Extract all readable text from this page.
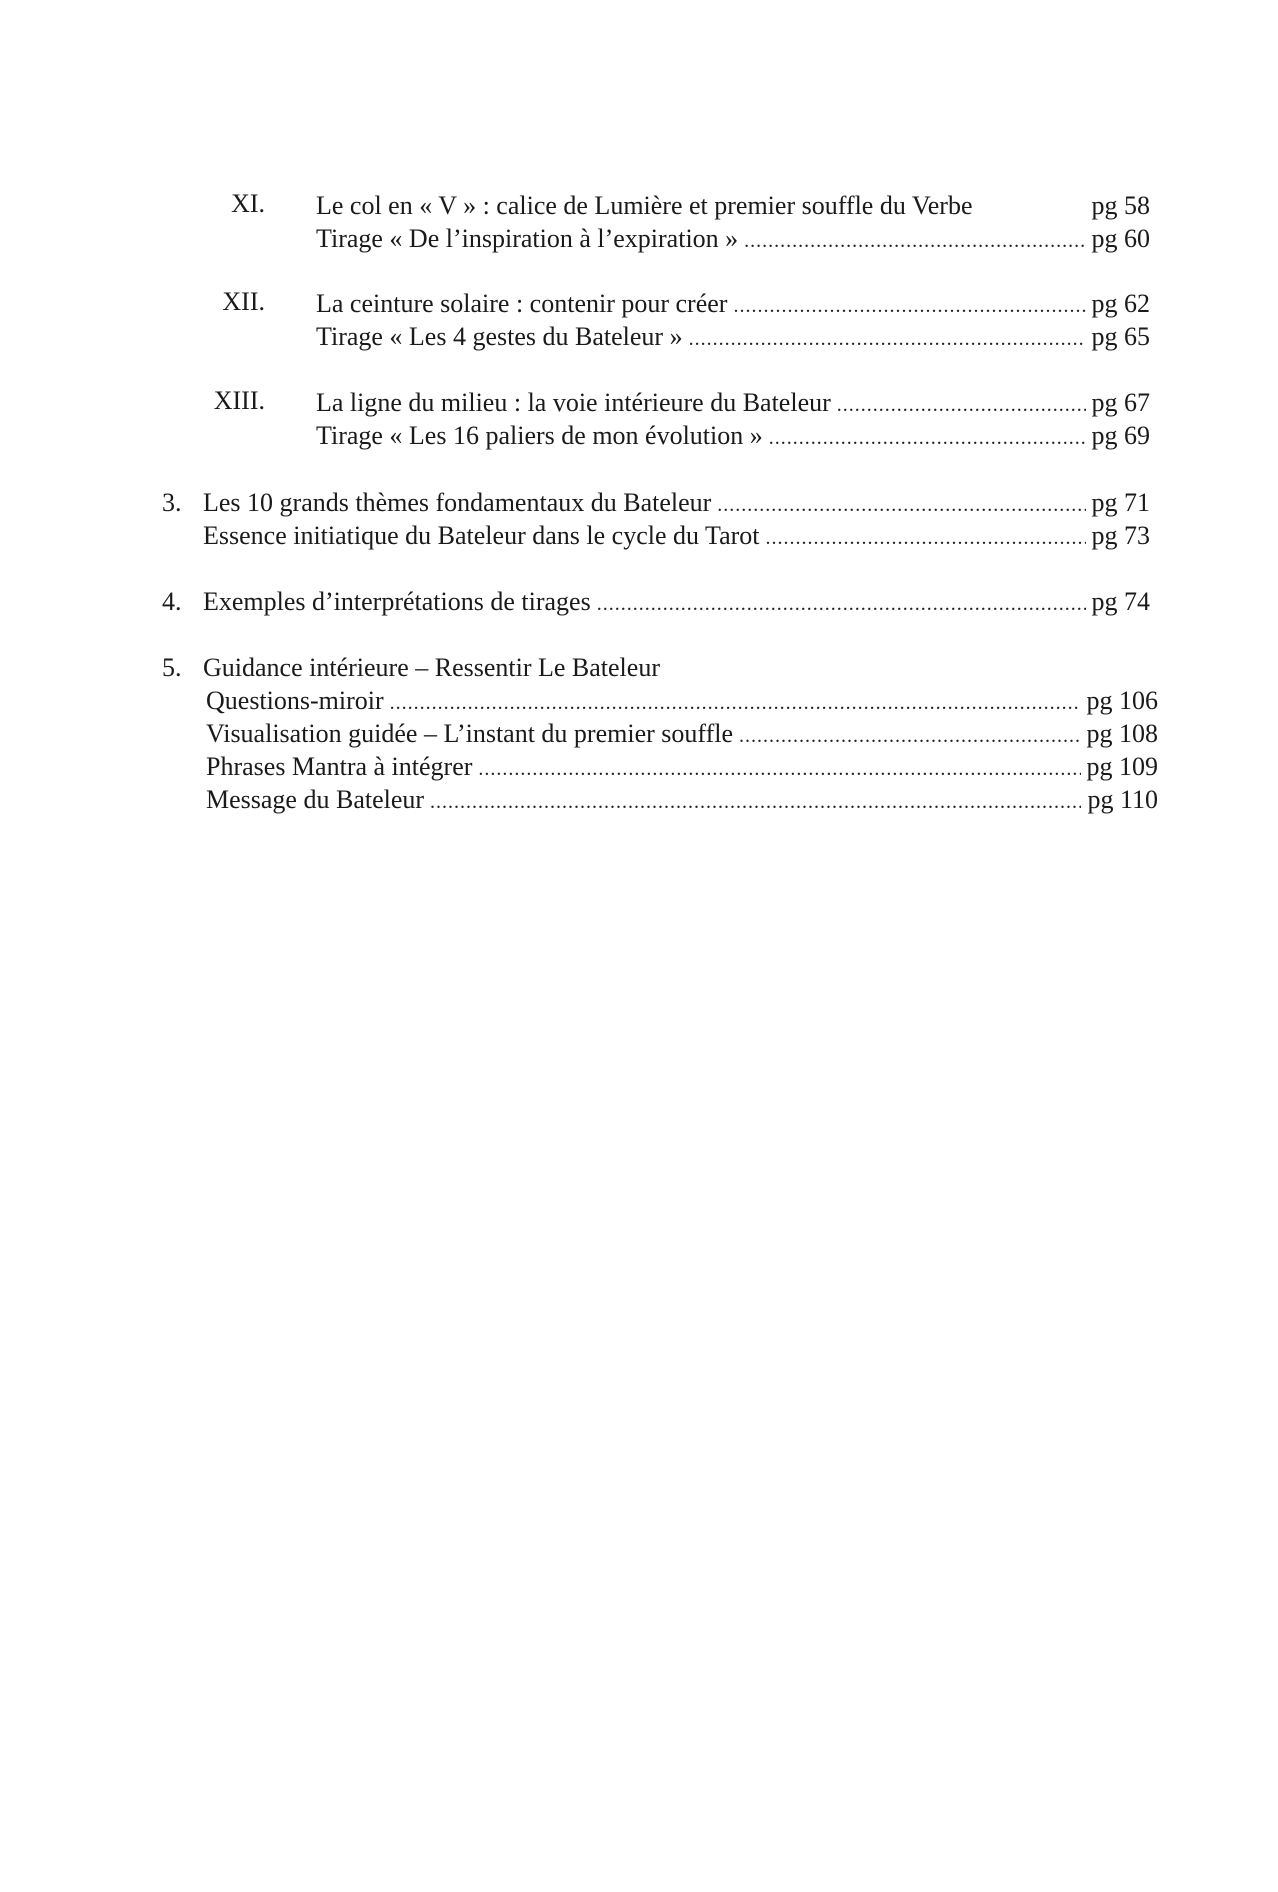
XI. Le col en « V » : calice de Lumière et premier souffle du Verbe	pg 58
Tirage « De l’inspiration à l’expiration » .....	pg 60
XII. La ceinture solaire : contenir pour créer .....	pg 62
Tirage « Les 4 gestes du Bateleur » .....	pg 65
XIII. La ligne du milieu : la voie intérieure du Bateleur .....	pg 67
Tirage « Les 16 paliers de mon évolution » .....	pg 69
3. Les 10 grands thèmes fondamentaux du Bateleur .....	pg 71
Essence initiatique du Bateleur dans le cycle du Tarot .....	pg 73
4. Exemples d’interprétations de tirages .....	pg 74
5. Guidance intérieure – Ressentir Le Bateleur
Questions-miroir .....	pg 106
Visualisation guidée – L’instant du premier souffle .....	pg 108
Phrases Mantra à intégrer .....	pg 109
Message du Bateleur .....	pg 110
